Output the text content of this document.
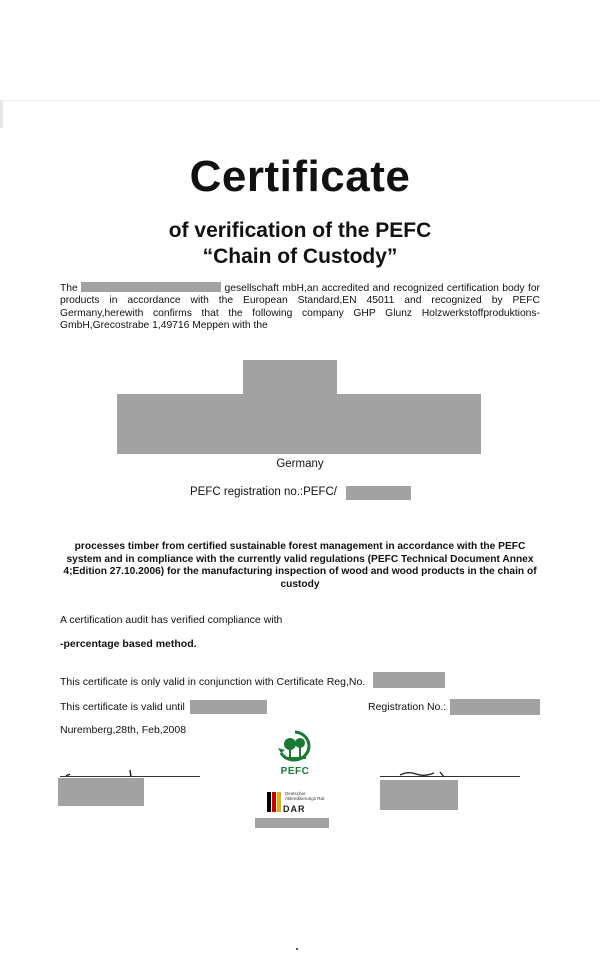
Certificate
of verification of the PEFC
“Chain of Custody”
The	gesellschaft mbH,an accredited and recognized certification body for products in accordance with the European Standard,EN 45011 and recognized by PEFC Germany,herewith confirms that the following company GHP Glunz Holzwerkstoffproduktions-GmbH,Grecostrabe 1,49716 Meppen with the
Germany
PEFC registration no.:PEFC/
processes timber from certified sustainable forest management in accordance with the PEFC system and in compliance with the currently valid regulations (PEFC Technical Document Annex 4;Edition 27.10.2006) for the manufacturing inspection of wood and wood products in the chain of custody
A certification audit has verified compliance with
-percentage based method.
This certificate is only valid in conjunction with Certificate Reg,No.
This certificate is valid until	Registration No.:
Nuremberg,28th, Feb,2008
PEFC
Deutscher Akkreditierungs Rat
DAR
